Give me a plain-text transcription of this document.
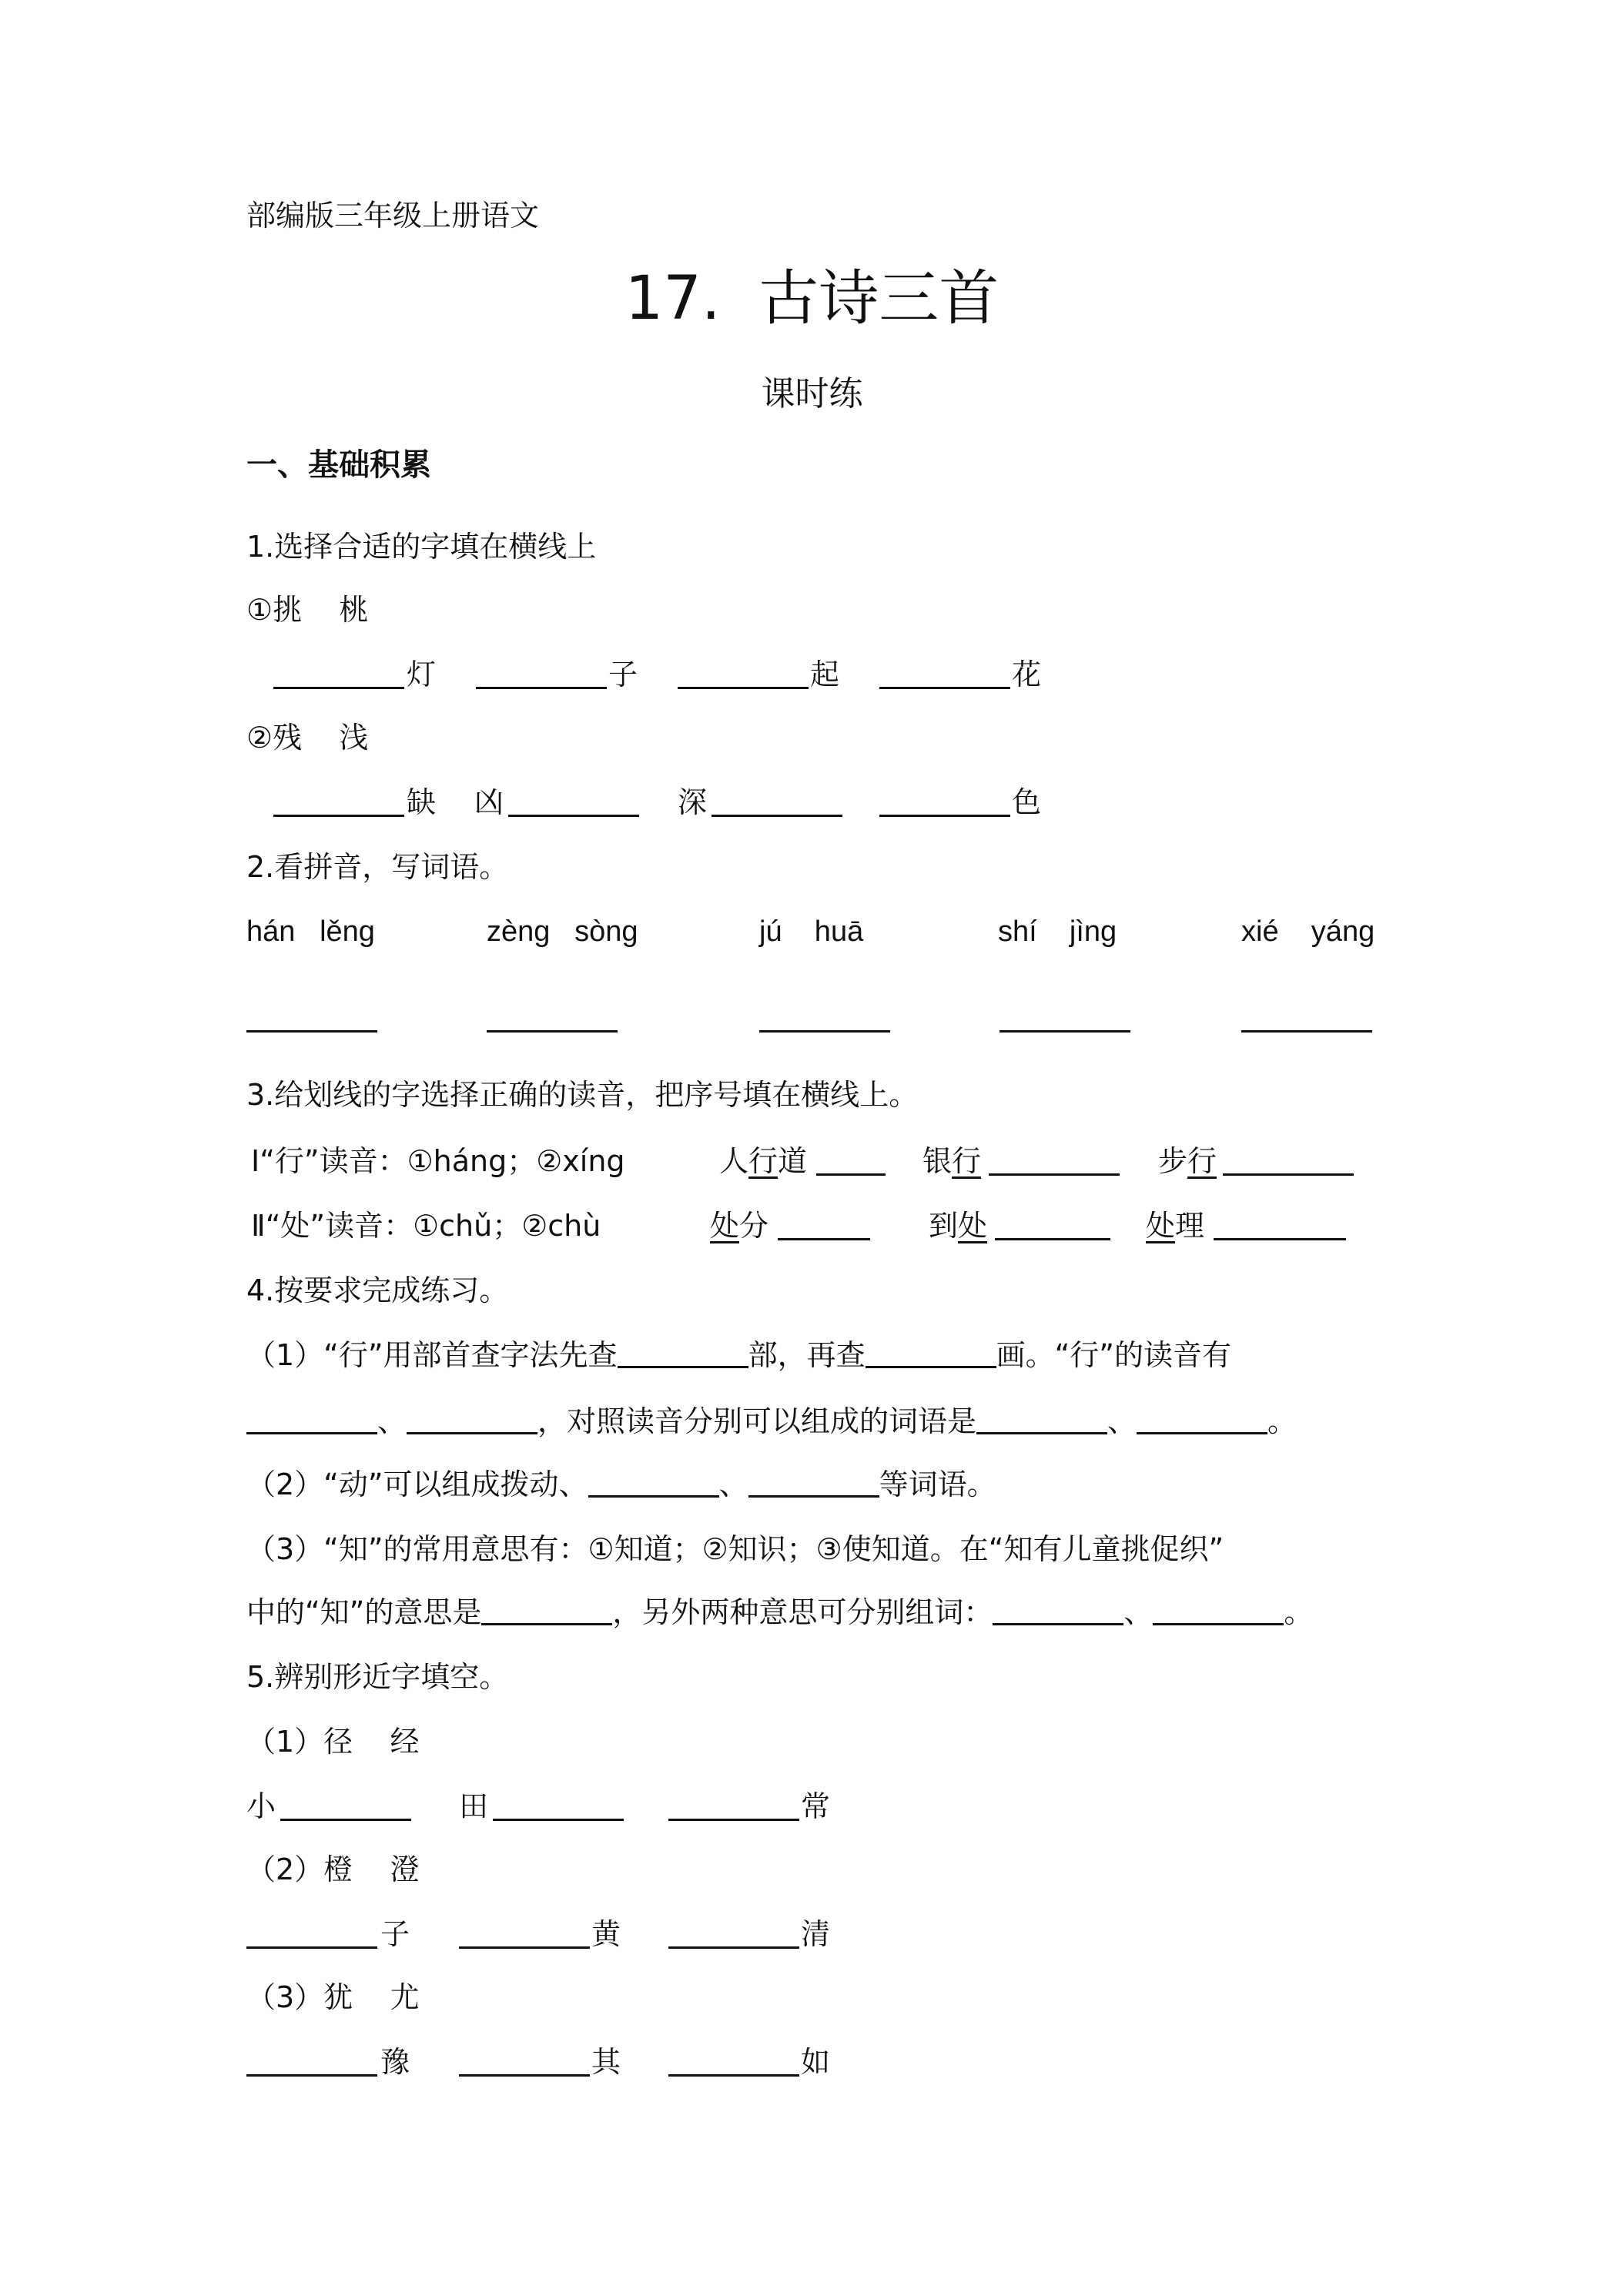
部编版三年级上册语文
17.  古诗三首
课时练
一、基础积累
1.选择合适的字填在横线上
①挑    桃
灯	子	起	花
②残    浅
缺 凶	深	色
2.看拼音，写词语。
hán   lěng	zèng   sòng	jú    huā	shí    jìng	xié    yáng
3.给划线的字选择正确的读音，把序号填在横线上。
Ⅰ“行”读音：①háng；②xíng	人行道	银行	步行
Ⅱ“处”读音：①chǔ；②chù	处分	到处	处理
4.按要求完成练习。
（1）“行”用部首查字法先查	部，再查	画。“行”的读音有
、	，对照读音分别可以组成的词语是	、	。
（2）“动”可以组成拨动、	、	等词语。
（3）“知”的常用意思有：①知道；②知识；③使知道。在“知有儿童挑促织”
中的“知”的意思是	，另外两种意思可分别组词：	、	。
5.辨别形近字填空。
（1）径    经
小	田	常
（2）橙    澄
子	黄	清
（3）犹    尤
豫	其	如
